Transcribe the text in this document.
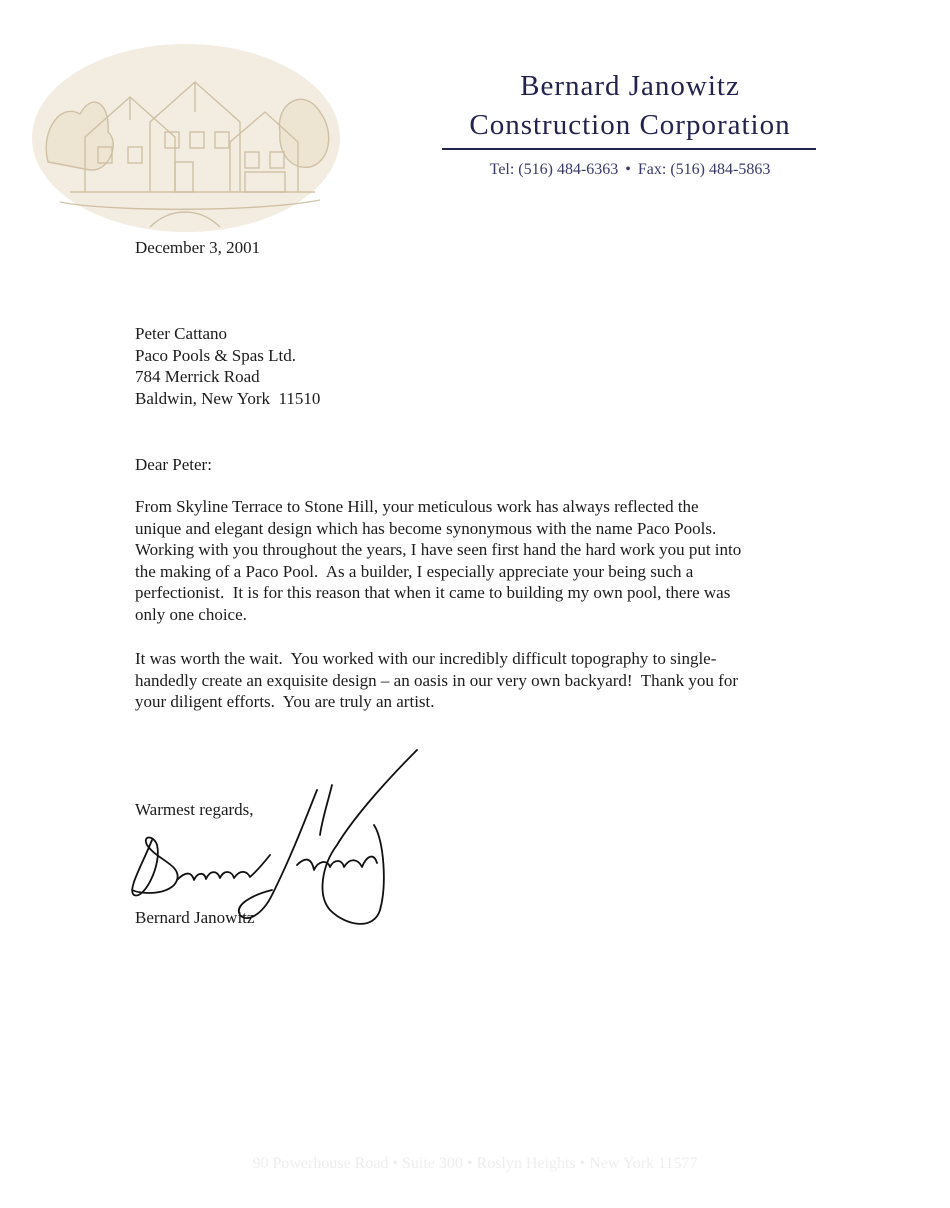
Bernard Janowitz
Construction Corporation
Tel: (516) 484-6363 • Fax: (516) 484-5863
December 3, 2001
Peter Cattano
Paco Pools & Spas Ltd.
784 Merrick Road
Baldwin, New York  11510
Dear Peter:
From Skyline Terrace to Stone Hill, your meticulous work has always reflected the
unique and elegant design which has become synonymous with the name Paco Pools.
Working with you throughout the years, I have seen first hand the hard work you put into
the making of a Paco Pool.  As a builder, I especially appreciate your being such a
perfectionist.  It is for this reason that when it came to building my own pool, there was
only one choice.
It was worth the wait.  You worked with our incredibly difficult topography to single-
handedly create an exquisite design – an oasis in our very own backyard!  Thank you for
your diligent efforts.  You are truly an artist.
Warmest regards,
Bernard Janowitz
90 Powerhouse Road • Suite 300 • Roslyn Heights • New York 11577
